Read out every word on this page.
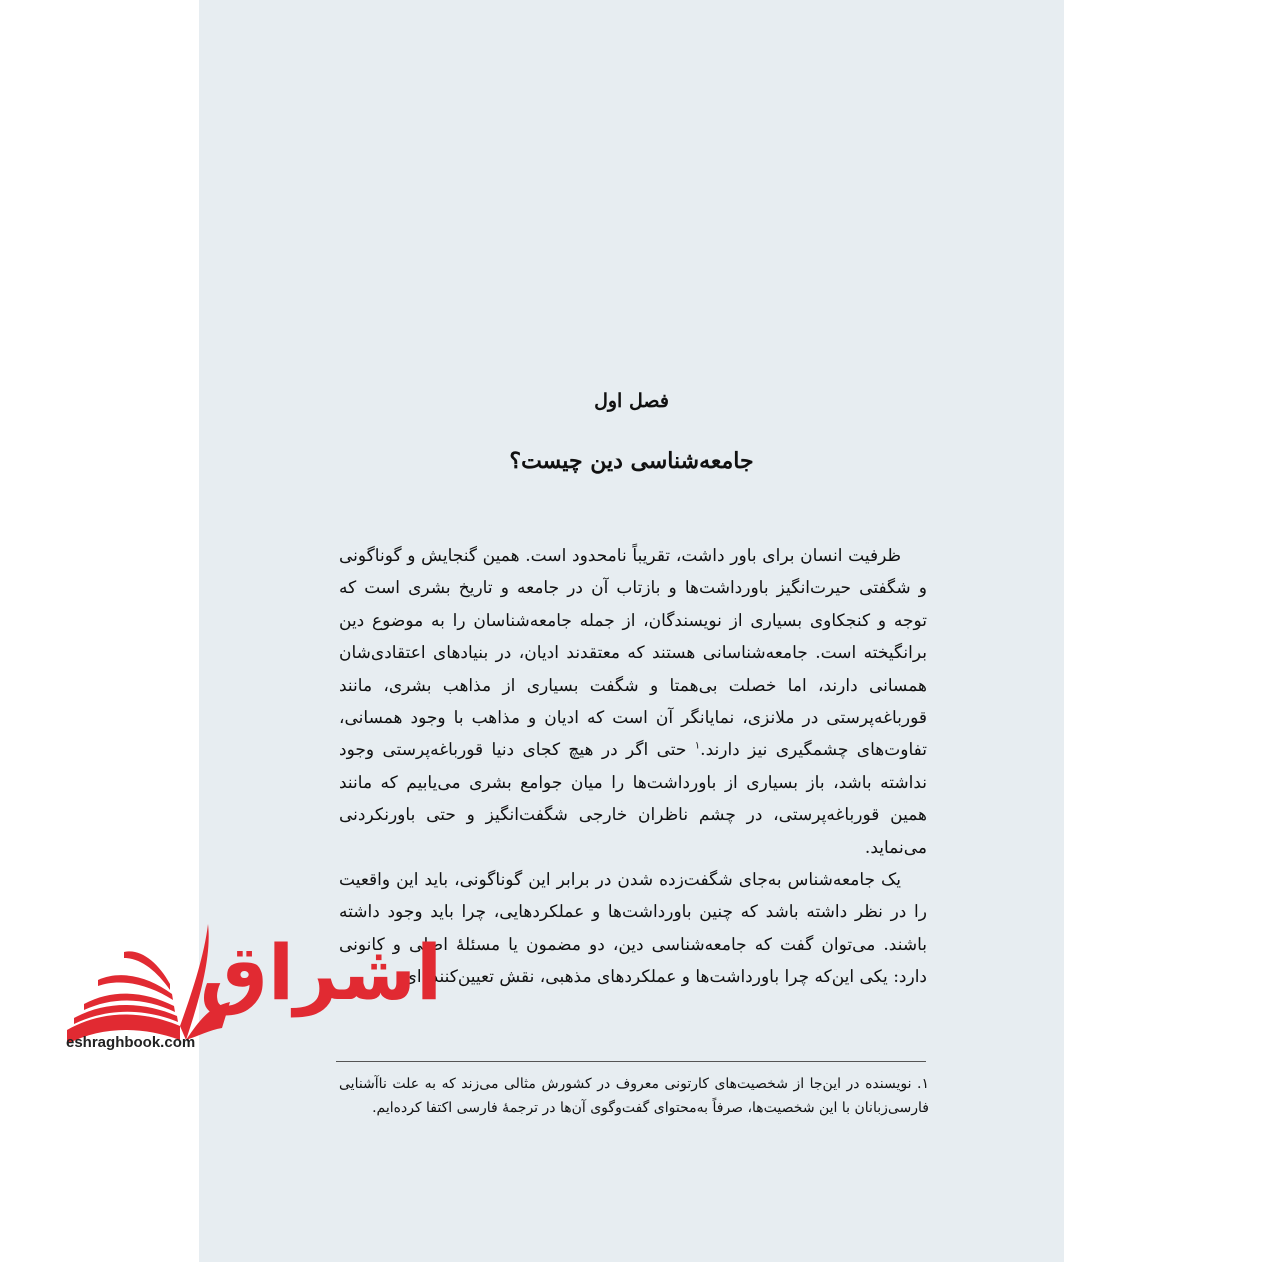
فصل اول
جامعه‌شناسی دین چیست؟

ظرفیت انسان برای باور داشت، تقریباً نامحدود است. همین گنجایش و گوناگونی و شگفتی حیرت‌انگیز باورداشت‌ها و بازتاب آن در جامعه و تاریخ بشری است که توجه و کنجکاوی بسیاری از نویسندگان، از جمله جامعه‌شناسان را به موضوع دین برانگیخته است. جامعه‌شناسانی هستند که معتقدند ادیان، در بنیادهای اعتقادی‌شان همسانی دارند، اما خصلت بی‌همتا و شگفت بسیاری از مذاهب بشری، مانند قورباغه‌پرستی در ملانزی، نمایانگر آن است که ادیان و مذاهب با وجود همسانی، تفاوت‌های چشمگیری نیز دارند.$^۱$ حتی اگر در هیچ کجای دنیا قورباغه‌پرستی وجود نداشته باشد، باز بسیاری از باورداشت‌ها را میان جوامع بشری می‌یابیم که مانند همین قورباغه‌پرستی، در چشم ناظران خارجی شگفت‌انگیز و حتی باورنکردنی می‌نماید.

یک جامعه‌شناس به‌جای شگفت‌زده شدن در برابر این گوناگونی، باید این واقعیت را در نظر داشته باشد که چنین باورداشت‌ها و عملکردهایی، چرا باید وجود داشته باشند. می‌توان گفت که جامعه‌شناسی دین، دو مضمون یا مسئلهٔ اصلی و کانونی دارد: یکی این‌که چرا باورداشت‌ها و عملکردهای مذهبی، نقش تعیین‌کننده‌ای

۱. نویسنده در این‌جا از شخصیت‌های کارتونی معروف در کشورش مثالی می‌زند که به علت ناآشنایی فارسی‌زبانان با این شخصیت‌ها، صرفاً به‌محتوای گفت‌وگوی آن‌ها در ترجمهٔ فارسی اکتفا کرده‌ایم.

اشراق
eshraghbook.com
